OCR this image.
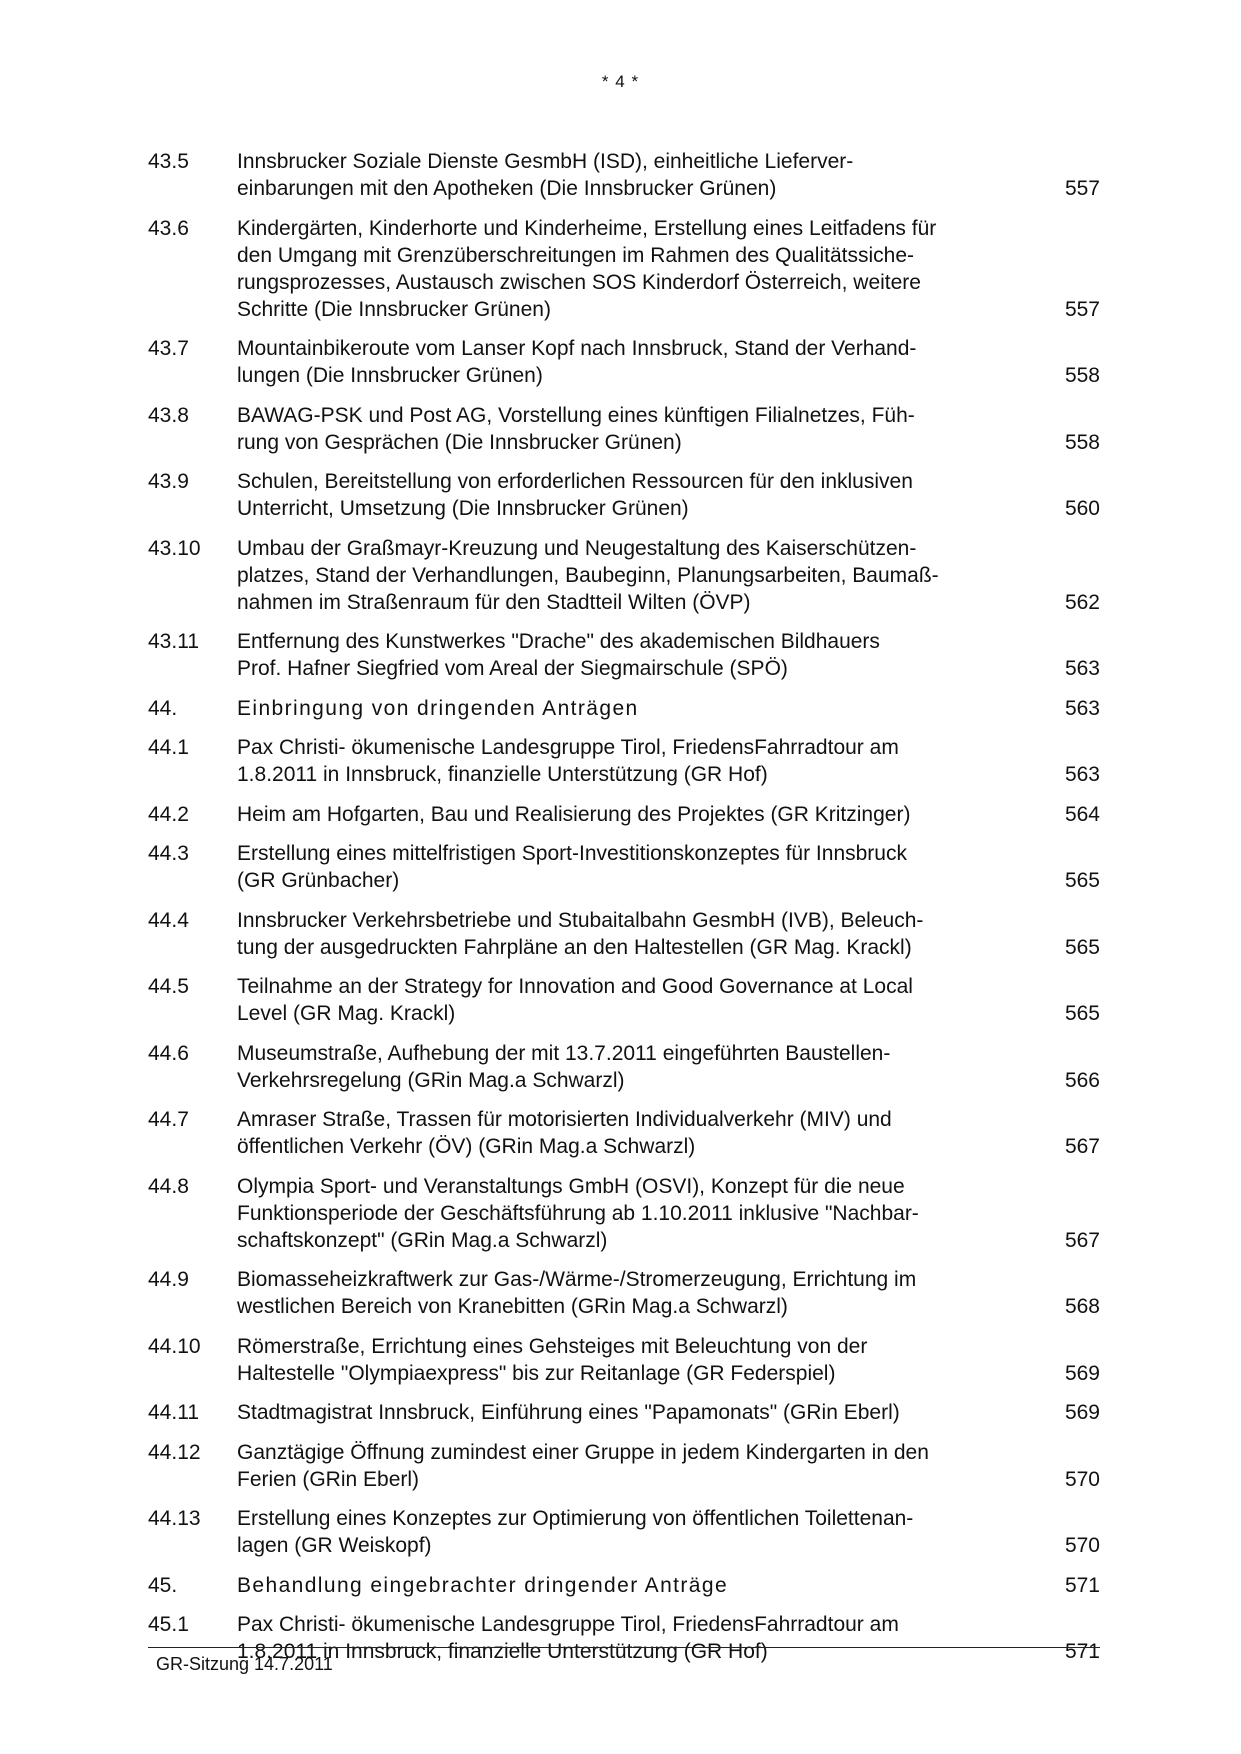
* 4 *
43.5	Innsbrucker Soziale Dienste GesmbH (ISD), einheitliche Lieferver-
einbarungen mit den Apotheken (Die Innsbrucker Grünen)	557
43.6	Kindergärten, Kinderhorte und Kinderheime, Erstellung eines Leitfadens für
den Umgang mit Grenzüberschreitungen im Rahmen des Qualitätssiche-
rungsprozesses, Austausch zwischen SOS Kinderdorf Österreich, weitere
Schritte (Die Innsbrucker Grünen)	557
43.7	Mountainbikeroute vom Lanser Kopf nach Innsbruck, Stand der Verhand-
lungen (Die Innsbrucker Grünen)	558
43.8	BAWAG-PSK und Post AG, Vorstellung eines künftigen Filialnetzes, Füh-
rung von Gesprächen (Die Innsbrucker Grünen)	558
43.9	Schulen, Bereitstellung von erforderlichen Ressourcen für den inklusiven
Unterricht, Umsetzung (Die Innsbrucker Grünen)	560
43.10	Umbau der Graßmayr-Kreuzung und Neugestaltung des Kaiserschützen-
platzes, Stand der Verhandlungen, Baubeginn, Planungsarbeiten, Baumaß-
nahmen im Straßenraum für den Stadtteil Wilten (ÖVP)	562
43.11	Entfernung des Kunstwerkes "Drache" des akademischen Bildhauers
Prof. Hafner Siegfried vom Areal der Siegmairschule (SPÖ)	563
44.	Einbringung von dringenden Anträgen	563
44.1	Pax Christi- ökumenische Landesgruppe Tirol, FriedensFahrradtour am
1.8.2011 in Innsbruck, finanzielle Unterstützung (GR Hof)	563
44.2	Heim am Hofgarten, Bau und Realisierung des Projektes (GR Kritzinger)	564
44.3	Erstellung eines mittelfristigen Sport-Investitionskonzeptes für Innsbruck
(GR Grünbacher)	565
44.4	Innsbrucker Verkehrsbetriebe und Stubaitalbahn GesmbH (IVB), Beleuch-
tung der ausgedruckten Fahrpläne an den Haltestellen (GR Mag. Krackl)	565
44.5	Teilnahme an der Strategy for Innovation and Good Governance at Local
Level (GR Mag. Krackl)	565
44.6	Museumstraße, Aufhebung der mit 13.7.2011 eingeführten Baustellen-
Verkehrsregelung (GRin Mag.a Schwarzl)	566
44.7	Amraser Straße, Trassen für motorisierten Individualverkehr (MIV) und
öffentlichen Verkehr (ÖV) (GRin Mag.a Schwarzl)	567
44.8	Olympia Sport- und Veranstaltungs GmbH (OSVI), Konzept für die neue
Funktionsperiode der Geschäftsführung ab 1.10.2011 inklusive "Nachbar-
schaftskonzept" (GRin Mag.a Schwarzl)	567
44.9	Biomasseheizkraftwerk zur Gas-/Wärme-/Stromerzeugung, Errichtung im
westlichen Bereich von Kranebitten (GRin Mag.a Schwarzl)	568
44.10	Römerstraße, Errichtung eines Gehsteiges mit Beleuchtung von der
Haltestelle "Olympiaexpress" bis zur Reitanlage (GR Federspiel)	569
44.11	Stadtmagistrat Innsbruck, Einführung eines "Papamonats" (GRin Eberl)	569
44.12	Ganztägige Öffnung zumindest einer Gruppe in jedem Kindergarten in den
Ferien (GRin Eberl)	570
44.13	Erstellung eines Konzeptes zur Optimierung von öffentlichen Toilettenan-
lagen (GR Weiskopf)	570
45.	Behandlung eingebrachter dringender Anträge	571
45.1	Pax Christi- ökumenische Landesgruppe Tirol, FriedensFahrradtour am
1.8.2011 in Innsbruck, finanzielle Unterstützung (GR Hof)	571
GR-Sitzung 14.7.2011
